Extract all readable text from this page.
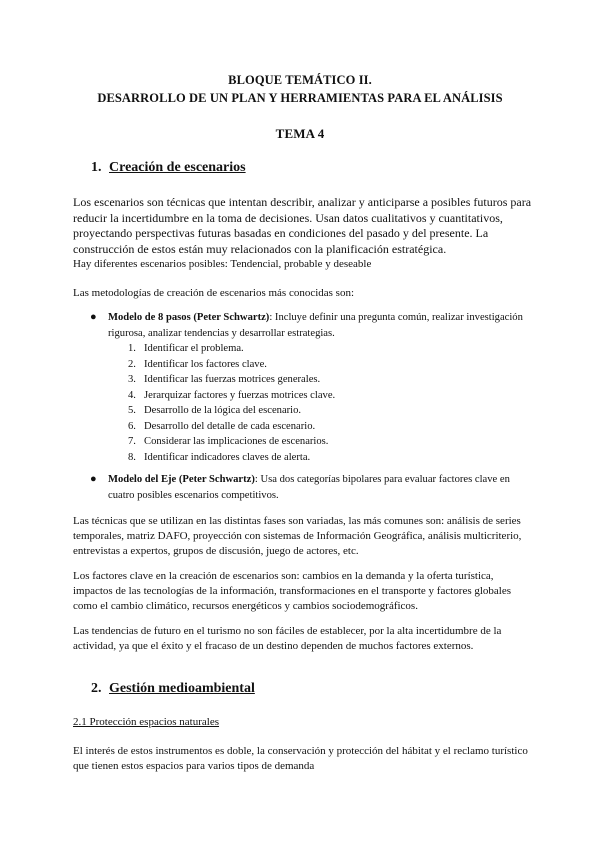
BLOQUE TEMÁTICO II.
DESARROLLO DE UN PLAN Y HERRAMIENTAS PARA EL ANÁLISIS
TEMA 4
1. Creación de escenarios
Los escenarios son técnicas que intentan describir, analizar y anticiparse a posibles futuros para reducir la incertidumbre en la toma de decisiones. Usan datos cualitativos y cuantitativos, proyectando perspectivas futuras basadas en condiciones del pasado y del presente. La construcción de estos están muy relacionados con la planificación estratégica.
Hay diferentes escenarios posibles: Tendencial, probable y deseable
Las metodologías de creación de escenarios más conocidas son:
● Modelo de 8 pasos (Peter Schwartz): Incluye definir una pregunta común, realizar investigación rigurosa, analizar tendencias y desarrollar estrategias.
1. Identificar el problema.
2. Identificar los factores clave.
3. Identificar las fuerzas motrices generales.
4. Jerarquizar factores y fuerzas motrices clave.
5. Desarrollo de la lógica del escenario.
6. Desarrollo del detalle de cada escenario.
7. Considerar las implicaciones de escenarios.
8. Identificar indicadores claves de alerta.
● Modelo del Eje (Peter Schwartz): Usa dos categorías bipolares para evaluar factores clave en cuatro posibles escenarios competitivos.
Las técnicas que se utilizan en las distintas fases son variadas, las más comunes son: análisis de series temporales, matriz DAFO, proyección con sistemas de Información Geográfica, análisis multicriterio, entrevistas a expertos, grupos de discusión, juego de actores, etc.
Los factores clave en la creación de escenarios son: cambios en la demanda y la oferta turística, impactos de las tecnologías de la información, transformaciones en el transporte y factores globales como el cambio climático, recursos energéticos y cambios sociodemográficos.
Las tendencias de futuro en el turismo no son fáciles de establecer, por la alta incertidumbre de la actividad, ya que el éxito y el fracaso de un destino dependen de muchos factores externos.
2. Gestión medioambiental
2.1 Protección espacios naturales
El interés de estos instrumentos es doble, la conservación y protección del hábitat y el reclamo turístico que tienen estos espacios para varios tipos de demanda
